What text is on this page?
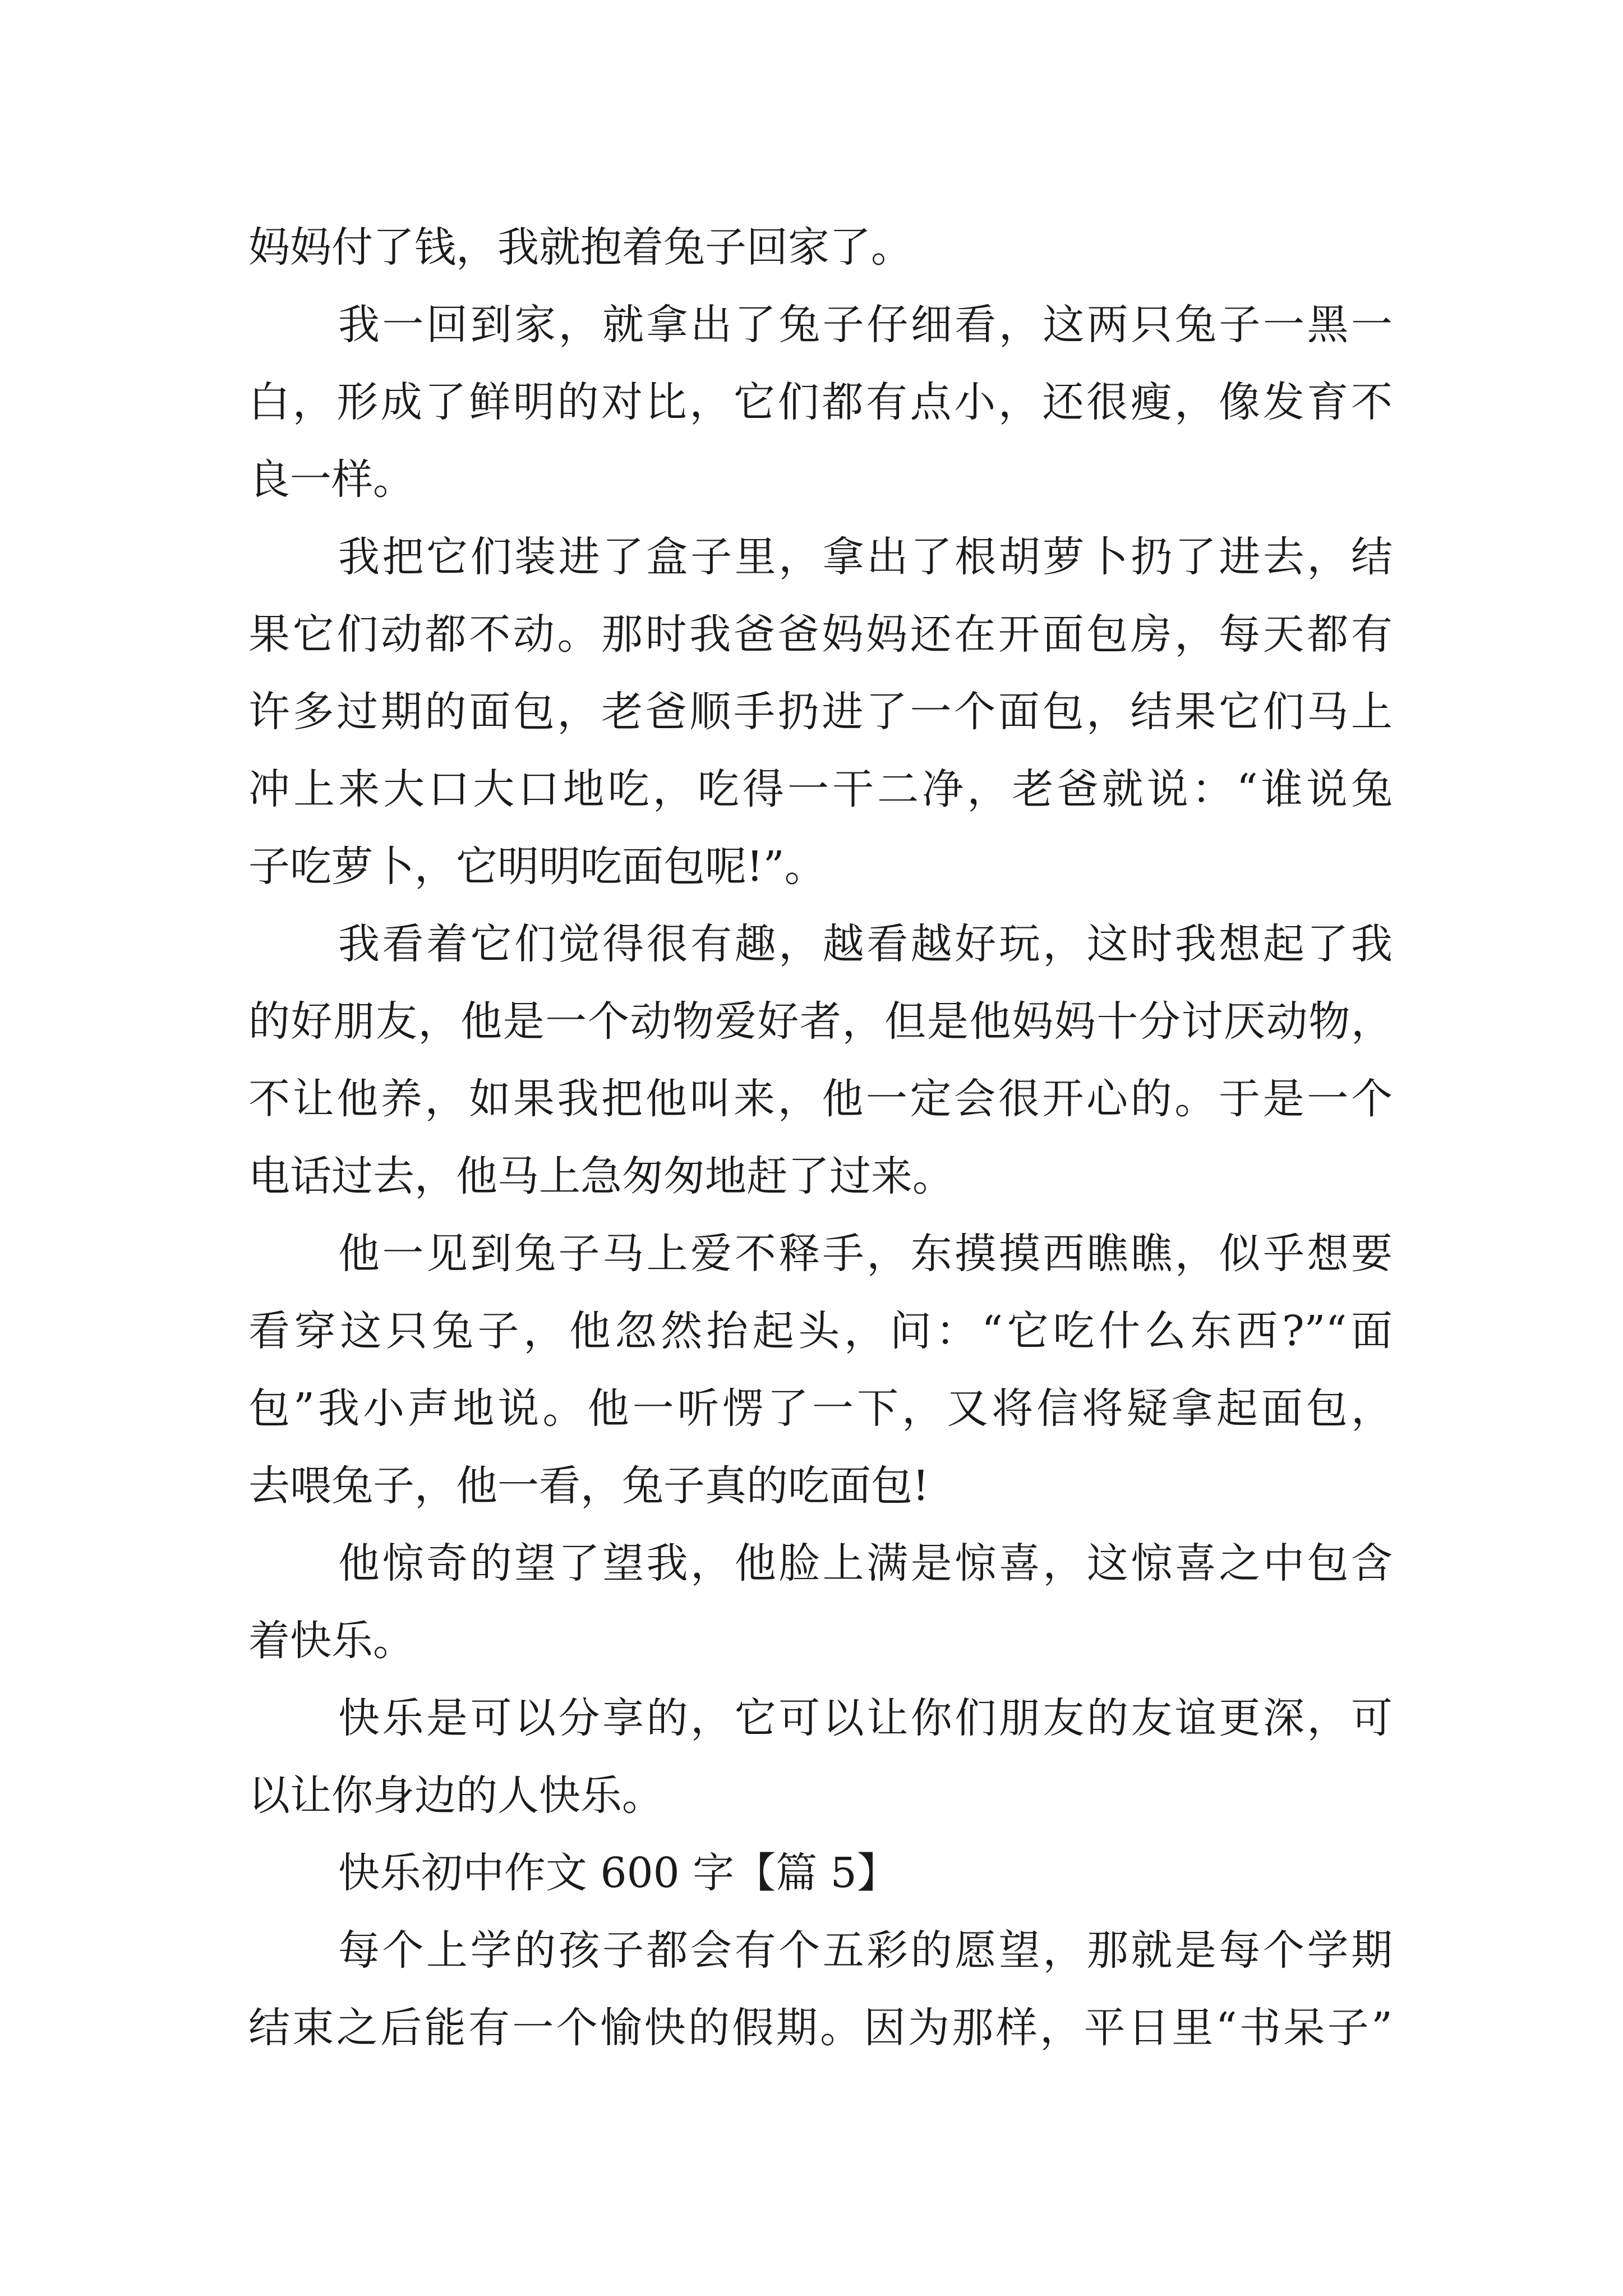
妈妈付了钱，我就抱着兔子回家了。
我一回到家，就拿出了兔子仔细看，这两只兔子一黑一
白，形成了鲜明的对比，它们都有点小，还很瘦，像发育不
良一样。
我把它们装进了盒子里，拿出了根胡萝卜扔了进去，结
果它们动都不动。那时我爸爸妈妈还在开面包房，每天都有
许多过期的面包，老爸顺手扔进了一个面包，结果它们马上
冲上来大口大口地吃，吃得一干二净，老爸就说：“谁说兔
子吃萝卜，它明明吃面包呢!”。
我看着它们觉得很有趣，越看越好玩，这时我想起了我
的好朋友，他是一个动物爱好者，但是他妈妈十分讨厌动物，
不让他养，如果我把他叫来，他一定会很开心的。于是一个
电话过去，他马上急匆匆地赶了过来。
他一见到兔子马上爱不释手，东摸摸西瞧瞧，似乎想要
看穿这只兔子，他忽然抬起头，问：“它吃什么东西?”“面
包”我小声地说。他一听愣了一下，又将信将疑拿起面包，
去喂兔子，他一看，兔子真的吃面包!
他惊奇的望了望我，他脸上满是惊喜，这惊喜之中包含
着快乐。
快乐是可以分享的，它可以让你们朋友的友谊更深，可
以让你身边的人快乐。
快乐初中作文 600 字【篇 5】
每个上学的孩子都会有个五彩的愿望，那就是每个学期
结束之后能有一个愉快的假期。因为那样，平日里“书呆子”
